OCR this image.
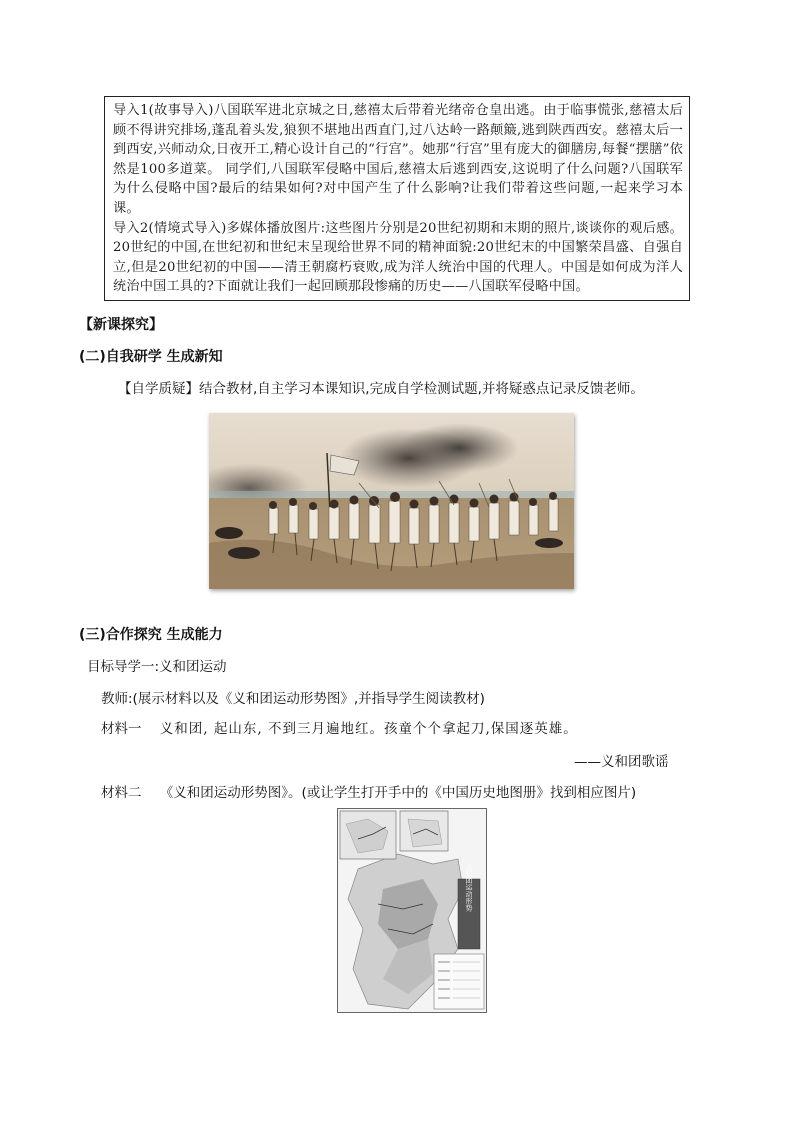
导入1(故事导入)八国联军进北京城之日,慈禧太后带着光绪帝仓皇出逃。由于临事慌张,慈禧太后顾不得讲究排场,蓬乱着头发,狼狈不堪地出西直门,过八达岭一路颠簸,逃到陕西西安。慈禧太后一到西安,兴师动众,日夜开工,精心设计自己的“行宫”。她那“行宫”里有庞大的御膳房,每餐“摆膳”依然是100多道菜。 同学们,八国联军侵略中国后,慈禧太后逃到西安,这说明了什么问题?八国联军为什么侵略中国?最后的结果如何?对中国产生了什么影响?让我们带着这些问题,一起来学习本课。

导入2(情境式导入)多媒体播放图片:这些图片分别是20世纪初期和末期的照片,谈谈你的观后感。20世纪的中国,在世纪初和世纪末呈现给世界不同的精神面貌:20世纪末的中国繁荣昌盛、自强自立,但是20世纪初的中国——清王朝腐朽衰败,成为洋人统治中国的代理人。中国是如何成为洋人统治中国工具的?下面就让我们一起回顾那段惨痛的历史——八国联军侵略中国。

【新课探究】
(二)自我研学 生成新知
【自学质疑】结合教材,自主学习本课知识,完成自学检测试题,并将疑惑点记录反馈老师。
(三)合作探究 生成能力
目标导学一:义和团运动
教师:(展示材料以及《义和团运动形势图》,并指导学生阅读教材)
材料一 义和团, 起山东, 不到三月遍地红。孩童个个拿起刀,保国逐英雄。
——义和团歌谣
材料二 《义和团运动形势图》。(或让学生打开手中的《中国历史地图册》找到相应图片)
义和团运动形势
